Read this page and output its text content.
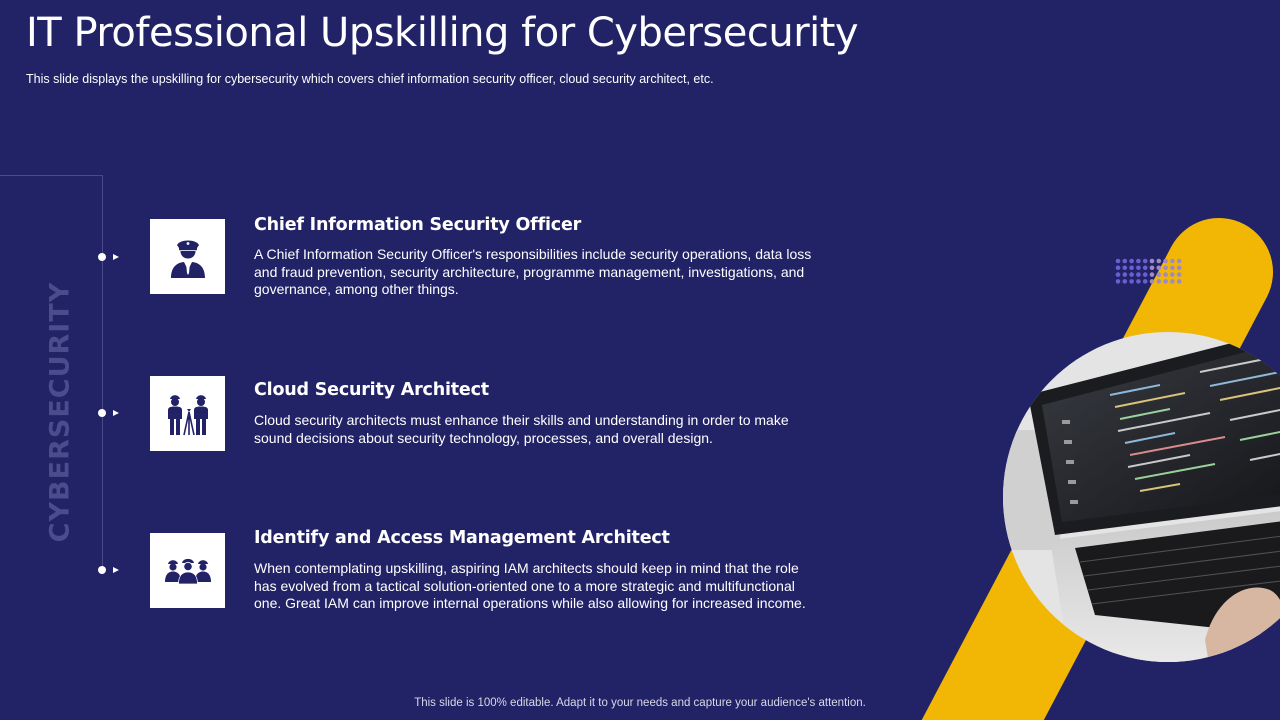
IT Professional Upskilling for Cybersecurity
This slide displays the upskilling for cybersecurity which covers chief information security officer, cloud security architect, etc.
CYBERSECURITY
Chief Information Security Officer
A Chief Information Security Officer's responsibilities include security operations, data loss
and fraud prevention, security architecture, programme management, investigations, and
governance, among other things.
Cloud Security Architect
Cloud security architects must enhance their skills and understanding in order to make
sound decisions about security technology, processes, and overall design.
Identify and Access Management Architect
When contemplating upskilling, aspiring IAM architects should keep in mind that the role
has evolved from a tactical solution-oriented one to a more strategic and multifunctional
one. Great IAM can improve internal operations while also allowing for increased income.
This slide is 100% editable. Adapt it to your needs and capture your audience's attention.
